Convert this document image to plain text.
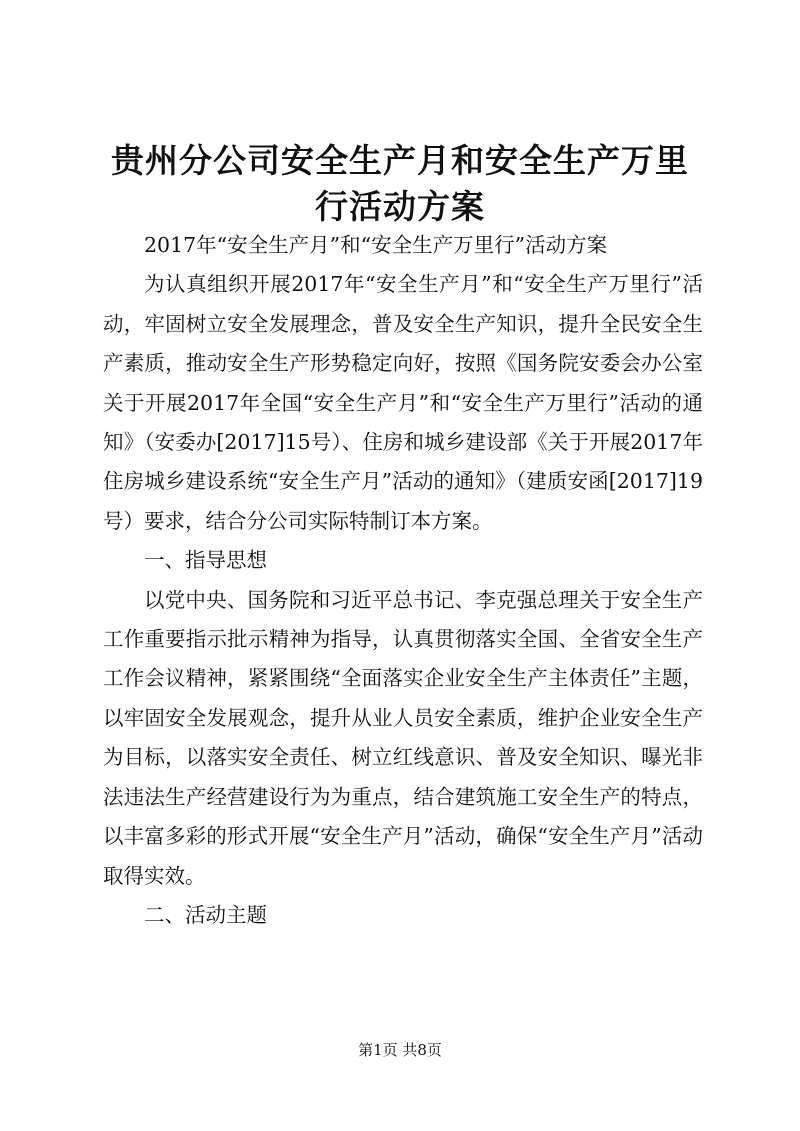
贵州分公司安全生产月和安全生产万里行活动方案

2017年“安全生产月”和“安全生产万里行”活动方案

为认真组织开展2017年“安全生产月”和“安全生产万里行”活动，牢固树立安全发展理念，普及安全生产知识，提升全民安全生产素质，推动安全生产形势稳定向好，按照《国务院安委会办公室关于开展2017年全国“安全生产月”和“安全生产万里行”活动的通知》（安委办[2017]15号）、住房和城乡建设部《关于开展2017年住房城乡建设系统“安全生产月”活动的通知》（建质安函[2017]19号）要求，结合分公司实际特制订本方案。

一、指导思想

以党中央、国务院和习近平总书记、李克强总理关于安全生产工作重要指示批示精神为指导，认真贯彻落实全国、全省安全生产工作会议精神，紧紧围绕“全面落实企业安全生产主体责任”主题，以牢固安全发展观念，提升从业人员安全素质，维护企业安全生产为目标，以落实安全责任、树立红线意识、普及安全知识、曝光非法违法生产经营建设行为为重点，结合建筑施工安全生产的特点，以丰富多彩的形式开展“安全生产月”活动，确保“安全生产月”活动取得实效。

二、活动主题

第1页 共8页
